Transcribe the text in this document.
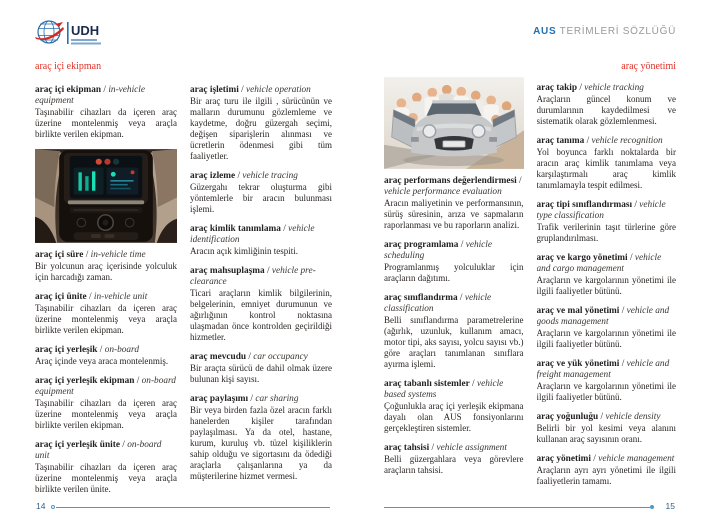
UDH	AUS TERİMLERİ SÖZLÜĞÜ
araç içi ekipman	araç yönetimi
araç içi ekipman / in-vehicle equipment

Taşınabilir cihazları da içeren araç üzerine montelenmiş veya araçla birlikte verilen ekipman.

araç içi süre / in-vehicle time

Bir yolcunun araç içerisinde yolculuk için harcadığı zaman.

araç içi ünite / in-vehicle unit

Taşınabilir cihazları da içeren araç üzerine montelenmiş veya araçla birlikte verilen ekipman.

araç içi yerleşik / on-board

Araç içinde veya araca montelenmiş.

araç içi yerleşik ekipman / on-board equipment

Taşınabilir cihazları da içeren araç üzerine montelenmiş veya araçla birlikte verilen ekipman.

araç içi yerleşik ünite / on-board unit

Taşınabilir cihazları da içeren araç üzerine montelenmiş veya araçla birlikte verilen ünite.

araç işletimi / vehicle operation

Bir araç turu ile ilgili , sürücünün ve malların durumunu gözlemleme ve kaydetme, doğru güzergah seçimi, değişen siparişlerin alınması ve ücretlerin ödenmesi gibi tüm faaliyetler.

araç izleme / vehicle tracing

Güzergahı tekrar oluşturma gibi yöntemlerle bir aracın bulunması işlemi.

araç kimlik tanımlama / vehicle identification

Aracın açık kimliğinin tespiti.

araç mahsuplaşma / vehicle pre-clearance

Ticari araçların kimlik bilgilerinin, belgelerinin, emniyet durumunun ve ağırlığının kontrol noktasına ulaşmadan önce kontrolden geçirildiği hizmetler.

araç mevcudu / car occupancy

Bir araçta sürücü de dahil olmak üzere bulunan kişi sayısı.

araç paylaşımı / car sharing

Bir veya birden fazla özel aracın farklı hanelerden kişiler tarafından paylaşılması. Ya da otel, hastane, kurum, kuruluş vb. tüzel kişiliklerin sahip olduğu ve sigortasını da ödediği araçlarla çalışanlarına ya da müşterilerine hizmet vermesi.

araç performans değerlendirmesi / vehicle performance evaluation

Aracın maliyetinin ve performansının, sürüş süresinin, arıza ve sapmaların raporlanması ve bu raporların analizi.

araç programlama / vehicle scheduling

Programlanmış yolculuklar için araçların dağıtımı.

araç sınıflandırma / vehicle classification

Belli sınıflandırma parametrelerine (ağırlık, uzunluk, kullanım amacı, motor tipi, aks sayısı, yolcu sayısı vb.) göre araçları tanımlanan sınıflara ayırma işlemi.

araç tabanlı sistemler / vehicle based systems

Çoğunlukla araç içi yerleşik ekipmana dayalı olan AUS fonsiyonlarını gerçekleştiren sistemler.

araç tahsisi / vehicle assignment

Belli güzergahlara veya görevlere araçların tahsisi.

araç takip / vehicle tracking

Araçların güncel konum ve durumlarının kaydedilmesi ve sistematik olarak gözlemlenmesi.

araç tanıma / vehicle recognition

Yol boyunca farklı noktalarda bir aracın araç kimlik tanımlama veya karşılaştırmalı araç kimlik tanımlamayla tespit edilmesi.

araç tipi sınıflandırması / vehicle type classification

Trafik verilerinin taşıt türlerine göre gruplandırılması.

araç ve kargo yönetimi / vehicle and cargo management

Araçların ve kargolarının yönetimi ile ilgili faaliyetler bütünü.

araç ve mal yönetimi / vehicle and goods management

Araçların ve kargolarının yönetimi ile ilgili faaliyetler bütünü.

araç ve yük yönetimi / vehicle and freight management

Araçların ve kargolarının yönetimi ile ilgili faaliyetler bütünü.

araç yoğunluğu / vehicle density

Belirli bir yol kesimi veya alanını kullanan araç sayısının oranı.

araç yönetimi / vehicle management

Araçların ayrı ayrı yönetimi ile ilgili faaliyetlerin tamamı.

14	15
